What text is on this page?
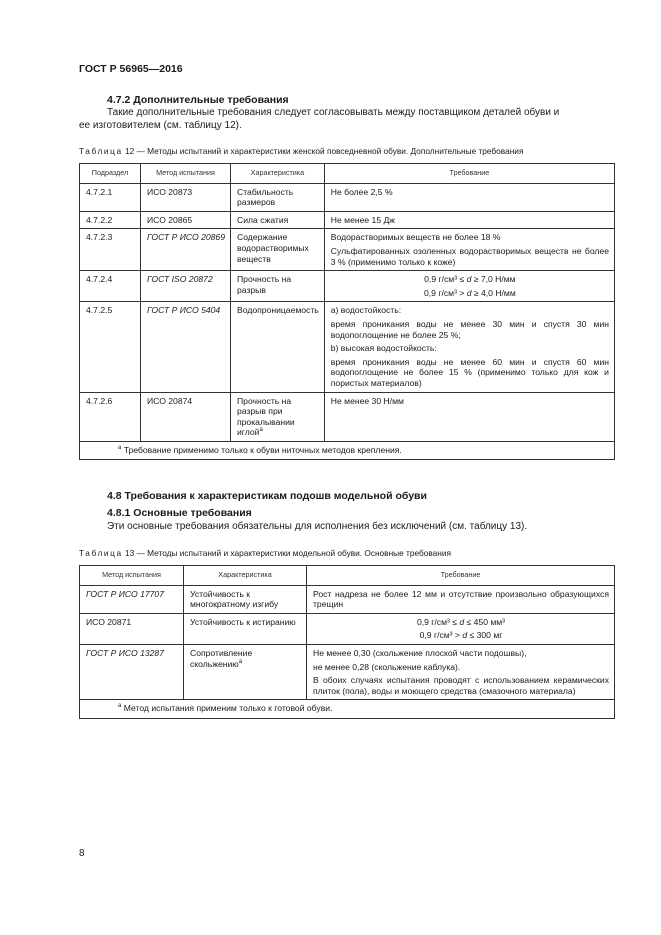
ГОСТ Р 56965—2016
4.7.2 Дополнительные требования
Такие дополнительные требования следует согласовывать между поставщиком деталей обуви и
ее изготовителем (см. таблицу 12).
Таблица 12 — Методы испытаний и характеристики женской повседневной обуви. Дополнительные требования
Подраздел	Метод испытания	Характеристика	Требование
4.7.2.1	ИСО 20873	Стабильность размеров	Не более 2,5 %

4.7.2.2	ИСО 20865	Сила сжатия	Не менее 15 Дж

4.7.2.3	ГОСТ Р ИСО 20869	Содержание водорастворимых веществ	Водорастворимых веществ не более 18 %

Сульфатированных озоленных водорастворимых веществ не более 3 % (применимо только к коже)

4.7.2.4	ГОСТ ISO 20872	Прочность на разрыв	0,9 г/см³ ≤ d ≥ 7,0 Н/мм

0,9 г/см³ > d ≥ 4,0 Н/мм

4.7.2.5	ГОСТ Р ИСО 5404	Водопроницаемость	a) водостойкость:

время проникания воды не менее 30 мин и спустя 30 мин водопоглощение не более 25 %;

b) высокая водостойкость:

время проникания воды не менее 60 мин и спустя 60 мин водопоглощение не более 15 % (применимо только для кож и пористых материалов)

4.7.2.6	ИСО 20874	Прочность на разрыв при прокалывании иглой$^a$	Не менее 30 Н/мм

$^a$ Требование применимо только к обуви ниточных методов крепления.			
4.8 Требования к характеристикам подошв модельной обуви
4.8.1 Основные требования
Эти основные требования обязательны для исполнения без исключений (см. таблицу 13).
Таблица 13 — Методы испытаний и характеристики модельной обуви. Основные требования
Метод испытания	Характеристика	Требование
ГОСТ Р ИСО 17707	Устойчивость к многократному изгибу	Рост надреза не более 12 мм и отсутствие произвольно образующихся трещин

ИСО 20871	Устойчивость к истиранию	0,9 г/см³ ≤ d ≤ 450 мм³

0,9 г/см³ > d ≤ 300 мг

ГОСТ Р ИСО 13287	Сопротивление скольжению$^a$	Не менее 0,30 (скольжение плоской части подошвы),

не менее 0,28 (скольжение каблука).

В обоих случаях испытания проводят с использованием керамических плиток (пола), воды и моющего средства (смазочного материала)

$^a$ Метод испытания применим только к готовой обуви.		
8
